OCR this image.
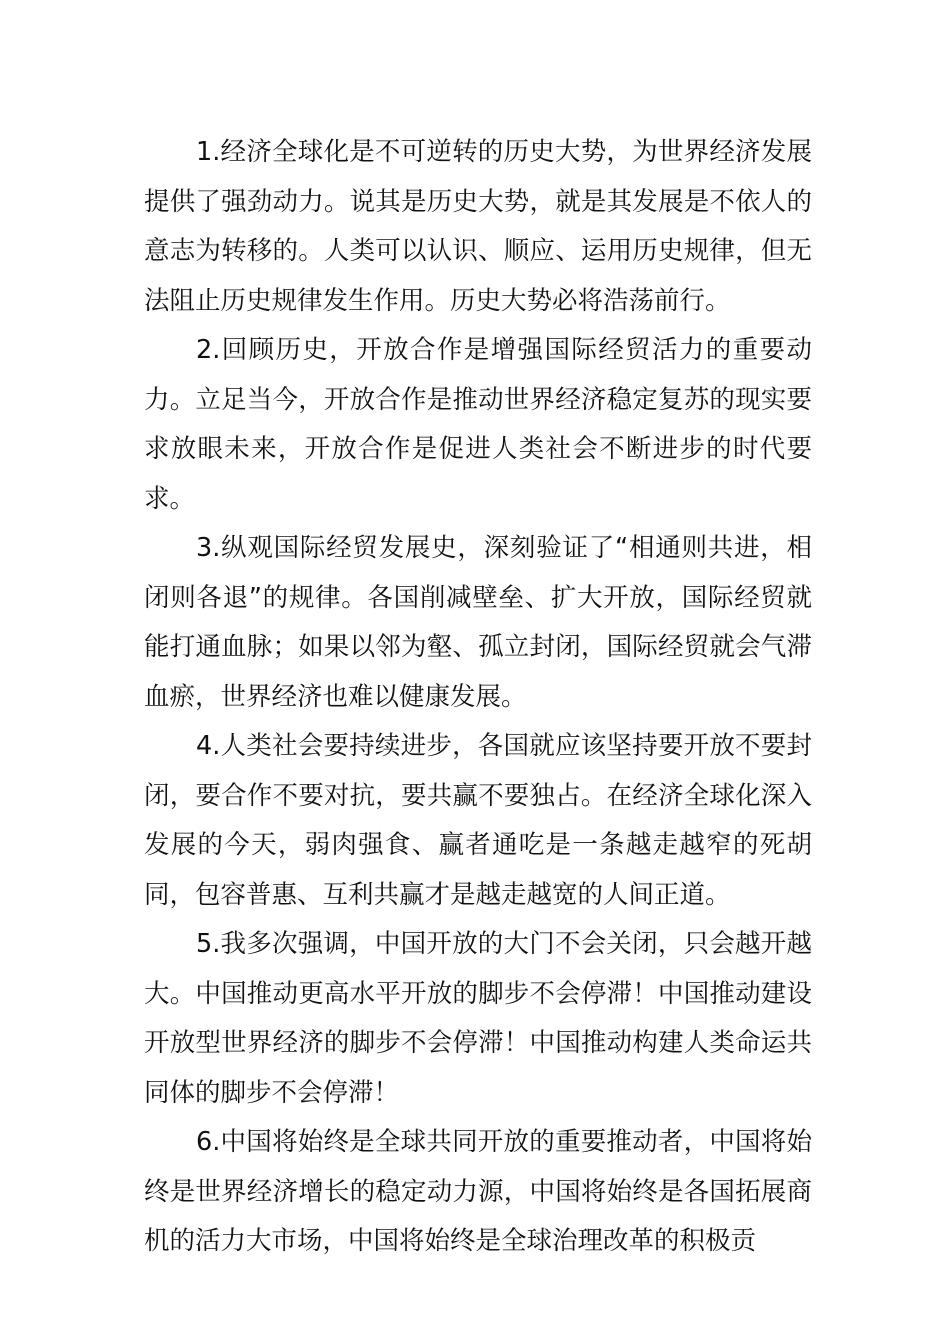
1.经济全球化是不可逆转的历史大势，为世界经济发展提供了强劲动力。说其是历史大势，就是其发展是不依人的意志为转移的。人类可以认识、顺应、运用历史规律，但无法阻止历史规律发生作用。历史大势必将浩荡前行。

2.回顾历史，开放合作是增强国际经贸活力的重要动力。立足当今，开放合作是推动世界经济稳定复苏的现实要求放眼未来，开放合作是促进人类社会不断进步的时代要求。

3.纵观国际经贸发展史，深刻验证了“相通则共进，相闭则各退”的规律。各国削减壁垒、扩大开放，国际经贸就能打通血脉；如果以邻为壑、孤立封闭，国际经贸就会气滞血瘀，世界经济也难以健康发展。

4.人类社会要持续进步，各国就应该坚持要开放不要封闭，要合作不要对抗，要共赢不要独占。在经济全球化深入发展的今天，弱肉强食、赢者通吃是一条越走越窄的死胡同，包容普惠、互利共赢才是越走越宽的人间正道。

5.我多次强调，中国开放的大门不会关闭，只会越开越大。中国推动更高水平开放的脚步不会停滞！中国推动建设开放型世界经济的脚步不会停滞！中国推动构建人类命运共同体的脚步不会停滞！

6.中国将始终是全球共同开放的重要推动者，中国将始终是世界经济增长的稳定动力源，中国将始终是各国拓展商机的活力大市场，中国将始终是全球治理改革的积极贡
